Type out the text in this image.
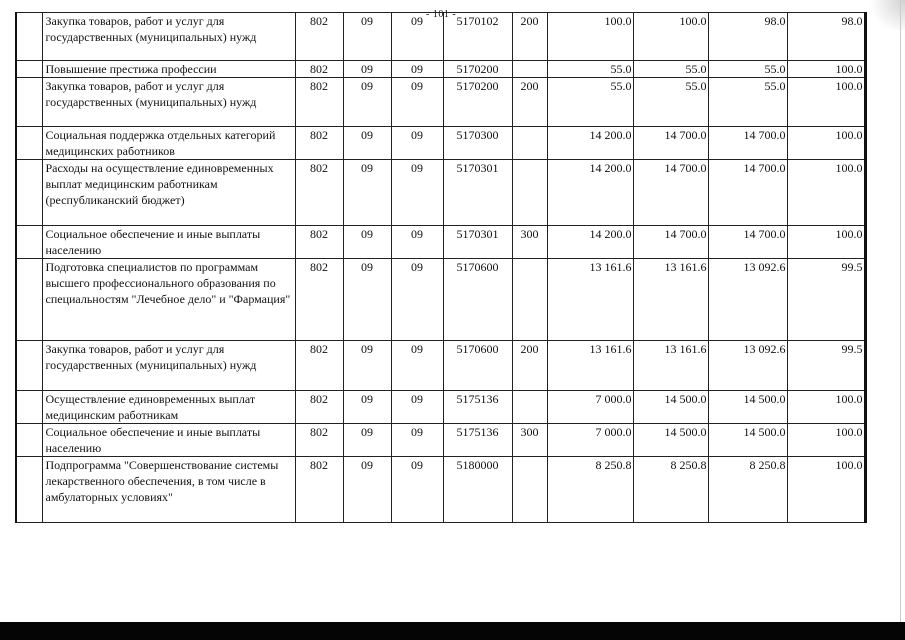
- 101 -
	Закупка товаров, работ и услуг для государственных (муниципальных) нужд	802	09	09	5170102	200	100.0	100.0	98.0	98.0
	Повышение престижа профессии	802	09	09	5170200		55.0	55.0	55.0	100.0
	Закупка товаров, работ и услуг для государственных (муниципальных) нужд	802	09	09	5170200	200	55.0	55.0	55.0	100.0
	Социальная поддержка отдельных категорий медицинских работников	802	09	09	5170300		14 200.0	14 700.0	14 700.0	100.0
	Расходы на осуществление единовременных выплат медицинским работникам (республиканский бюджет)	802	09	09	5170301		14 200.0	14 700.0	14 700.0	100.0
	Социальное обеспечение и иные выплаты населению	802	09	09	5170301	300	14 200.0	14 700.0	14 700.0	100.0
	Подготовка специалистов по программам высшего профессионального образования по специальностям "Лечебное дело" и "Фармация"	802	09	09	5170600		13 161.6	13 161.6	13 092.6	99.5
	Закупка товаров, работ и услуг для государственных (муниципальных) нужд	802	09	09	5170600	200	13 161.6	13 161.6	13 092.6	99.5
	Осуществление единовременных выплат медицинским работникам	802	09	09	5175136		7 000.0	14 500.0	14 500.0	100.0
	Социальное обеспечение и иные выплаты населению	802	09	09	5175136	300	7 000.0	14 500.0	14 500.0	100.0
	Подпрограмма "Совершенствование системы лекарственного обеспечения, в том числе в амбулаторных условиях"	802	09	09	5180000		8 250.8	8 250.8	8 250.8	100.0
